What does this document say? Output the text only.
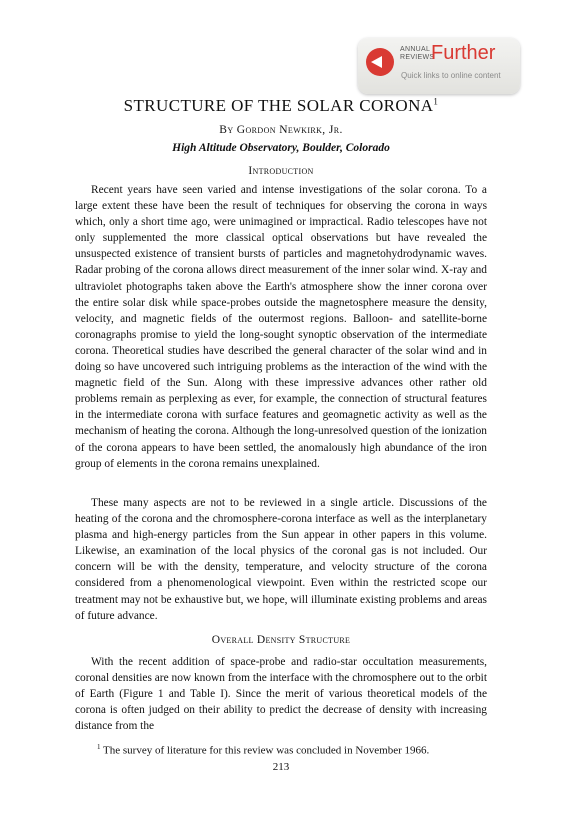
ANNUAL
REVIEWS
Further
Quick links to online content
STRUCTURE OF THE SOLAR CORONA$^1$
By Gordon Newkirk, Jr.
High Altitude Observatory, Boulder, Colorado
Introduction

Recent years have seen varied and intense investigations of the solar corona. To a large extent these have been the result of techniques for observing the corona in ways which, only a short time ago, were unimagined or impractical. Radio telescopes have not only supplemented the more classical optical observations but have revealed the unsuspected existence of transient bursts of particles and magnetohydrodynamic waves. Radar probing of the corona allows direct measurement of the inner solar wind. X-ray and ultraviolet photographs taken above the Earth's atmosphere show the inner corona over the entire solar disk while space-probes outside the magnetosphere measure the density, velocity, and magnetic fields of the outermost regions. Balloon- and satellite-borne coronagraphs promise to yield the long-sought synoptic observation of the intermediate corona. Theoretical studies have described the general character of the solar wind and in doing so have uncovered such intriguing problems as the interaction of the wind with the magnetic field of the Sun. Along with these impressive advances other rather old problems remain as perplexing as ever, for example, the connection of structural features in the intermediate corona with surface features and geomagnetic activity as well as the mechanism of heating the corona. Although the long-unresolved question of the ionization of the corona appears to have been settled, the anomalously high abundance of the iron group of elements in the corona remains unexplained.

These many aspects are not to be reviewed in a single article. Discussions of the heating of the corona and the chromosphere-corona interface as well as the interplanetary plasma and high-energy particles from the Sun appear in other papers in this volume. Likewise, an examination of the local physics of the coronal gas is not included. Our concern will be with the density, temperature, and velocity structure of the corona considered from a phenomenological viewpoint. Even within the restricted scope our treatment may not be exhaustive but, we hope, will illuminate existing problems and areas of future advance.

Overall Density Structure

With the recent addition of space-probe and radio-star occultation measurements, coronal densities are now known from the interface with the chromosphere out to the orbit of Earth (Figure 1 and Table I). Since the merit of various theoretical models of the corona is often judged on their ability to predict the decrease of density with increasing distance from the

$^1$ The survey of literature for this review was concluded in November 1966.
213
